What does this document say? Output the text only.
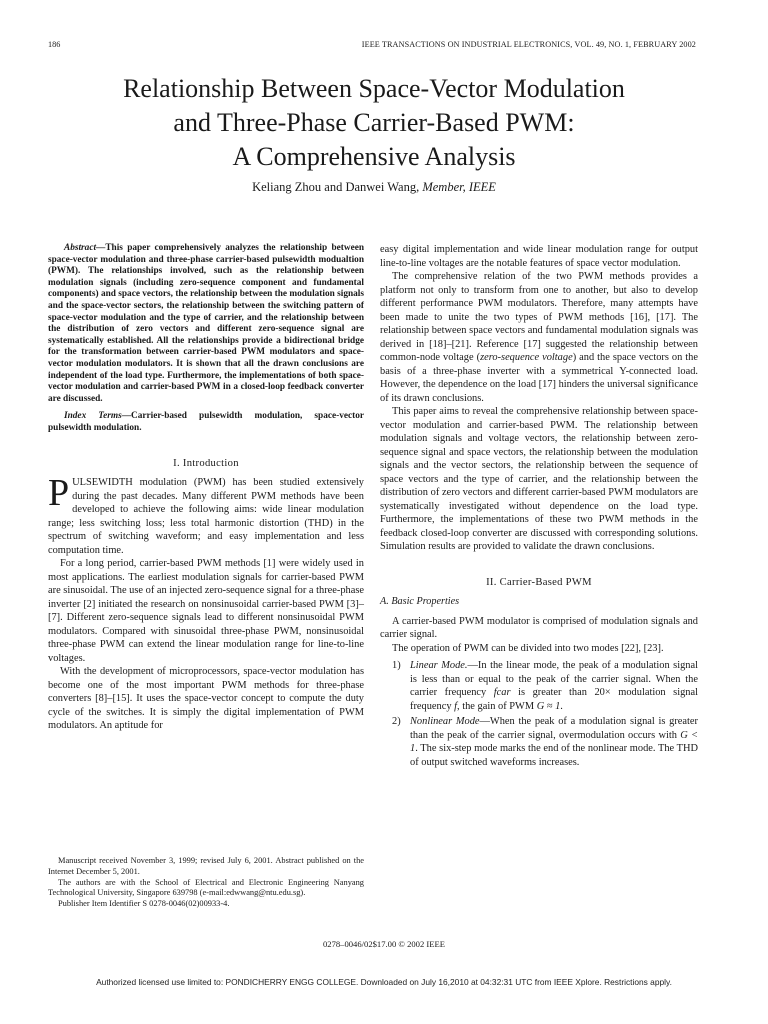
186	IEEE TRANSACTIONS ON INDUSTRIAL ELECTRONICS, VOL. 49, NO. 1, FEBRUARY 2002
Relationship Between Space-Vector Modulation
and Three-Phase Carrier-Based PWM:
A Comprehensive Analysis
Keliang Zhou and Danwei Wang, Member, IEEE

Abstract—This paper comprehensively analyzes the relationship between space-vector modulation and three-phase carrier-based pulsewidth modualtion (PWM). The relationships involved, such as the relationship between modulation signals (including zero-sequence component and fundamental components) and space vectors, the relationship between the modulation signals and the space-vector sectors, the relationship between the switching pattern of space-vector modulation and the type of carrier, and the relationship between the distribution of zero vectors and different zero-sequence signal are systematically established. All the relationships provide a bidirectional bridge for the transformation between carrier-based PWM modulators and space-vector modulation modulators. It is shown that all the drawn conclusions are independent of the load type. Furthermore, the implementations of both space-vector modulation and carrier-based PWM in a closed-loop feedback converter are discussed.

Index Terms—Carrier-based pulsewidth modulation, space-vector pulsewidth modulation.

I. Introduction

PULSEWIDTH modulation (PWM) has been studied extensively during the past decades. Many different PWM methods have been developed to achieve the following aims: wide linear modulation range; less switching loss; less total harmonic distortion (THD) in the spectrum of switching waveform; and easy implementation and less computation time.

For a long period, carrier-based PWM methods [1] were widely used in most applications. The earliest modulation signals for carrier-based PWM are sinusoidal. The use of an injected zero-sequence signal for a three-phase inverter [2] initiated the research on nonsinusoidal carrier-based PWM [3]–[7]. Different zero-sequence signals lead to different nonsinusoidal PWM modulators. Compared with sinusoidal three-phase PWM, nonsinusoidal three-phase PWM can extend the linear modulation range for line-to-line voltages.

With the development of microprocessors, space-vector modulation has become one of the most important PWM methods for three-phase converters [8]–[15]. It uses the space-vector concept to compute the duty cycle of the switches. It is simply the digital implementation of PWM modulators. An aptitude for

Manuscript received November 3, 1999; revised July 6, 2001. Abstract published on the Internet December 5, 2001.

The authors are with the School of Electrical and Electronic Engineering Nanyang Technological University, Singapore 639798 (e-mail:edwwang@ntu.edu.sg).

Publisher Item Identifier S 0278-0046(02)00933-4.

easy digital implementation and wide linear modulation range for output line-to-line voltages are the notable features of space vector modulation.

The comprehensive relation of the two PWM methods provides a platform not only to transform from one to another, but also to develop different performance PWM modulators. Therefore, many attempts have been made to unite the two types of PWM methods [16], [17]. The relationship between space vectors and fundamental modulation signals was derived in [18]–[21]. Reference [17] suggested the relationship between common-node voltage (zero-sequence voltage) and the space vectors on the basis of a three-phase inverter with a symmetrical Y-connected load. However, the dependence on the load [17] hinders the universal significance of its drawn conclusions.

This paper aims to reveal the comprehensive relationship between space-vector modulation and carrier-based PWM. The relationship between modulation signals and voltage vectors, the relationship between zero-sequence signal and space vectors, the relationship between the modulation signals and the vector sectors, the relationship between the sequence of space vectors and the type of carrier, and the relationship between the distribution of zero vectors and different carrier-based PWM modulators are systematically investigated without dependence on the load type. Furthermore, the implementations of these two PWM methods in the feedback closed-loop converter are discussed with corresponding solutions. Simulation results are provided to validate the drawn conclusions.

II. Carrier-Based PWM
A. Basic Properties

A carrier-based PWM modulator is comprised of modulation signals and carrier signal.

The operation of PWM can be divided into two modes [22], [23].

1) Linear Mode.—In the linear mode, the peak of a modulation signal is less than or equal to the peak of the carrier signal. When the carrier frequency fcar is greater than 20× modulation signal frequency f, the gain of PWM G ≈ 1.
2) Nonlinear Mode—When the peak of a modulation signal is greater than the peak of the carrier signal, overmodulation occurs with G < 1. The six-step mode marks the end of the nonlinear mode. The THD of output switched waveforms increases.
0278–0046/02$17.00 © 2002 IEEE
Authorized licensed use limited to: PONDICHERRY ENGG COLLEGE. Downloaded on July 16,2010 at 04:32:31 UTC from IEEE Xplore. Restrictions apply.
